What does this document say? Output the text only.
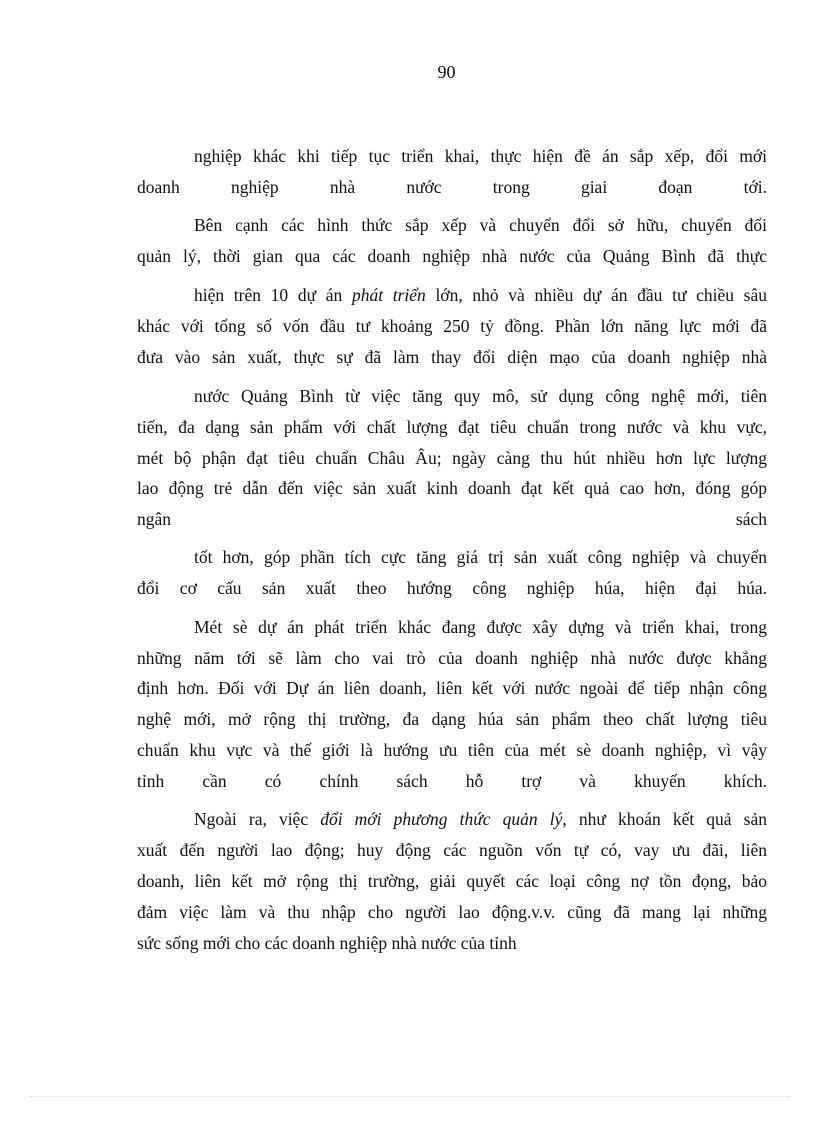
90
nghiệp khác khi tiếp tục triển khai, thực hiện đề án sắp xếp, đổi mới
doanh nghiệp nhà nước trong giai đoạn tới.
Bên cạnh các hình thức sắp xếp và chuyển đổi sở hữu, chuyển đổi
quản lý, thời gian qua các doanh nghiệp nhà nước của Quảng Bình đã thực
hiện trên 10 dự án phát triển lớn, nhỏ và nhiều dự án đầu tư chiều sâu
khác với tổng số vốn đầu tư khoảng 250 tỷ đồng. Phần lớn năng lực mới đã
đưa vào sản xuất, thực sự đã làm thay đổi diện mạo của doanh nghiệp nhà
nước Quảng Bình từ việc tăng quy mô, sử dụng công nghệ mới, tiên
tiến, đa dạng sản phẩm với chất lượng đạt tiêu chuẩn trong nước và khu vực,
mét bộ phận đạt tiêu chuẩn Châu Âu; ngày càng thu hút nhiều hơn lực lượng
lao động trẻ dẫn đến việc sản xuất kinh doanh đạt kết quả cao hơn, đóng góp
ngân sách
tốt hơn, góp phần tích cực tăng giá trị sản xuất công nghiệp và chuyển
đổi cơ cấu sản xuất theo hướng công nghiệp húa, hiện đại húa.
Mét sè dự án phát triển khác đang được xây dựng và triển khai, trong
những năm tới sẽ làm cho vai trò của doanh nghiệp nhà nước được khẳng
định hơn. Đối với Dự án liên doanh, liên kết với nước ngoài để tiếp nhận công
nghệ mới, mở rộng thị trường, đa dạng húa sản phẩm theo chất lượng tiêu
chuẩn khu vực và thế giới là hướng ưu tiên của mét sè doanh nghiệp, vì vậy
tỉnh cần có chính sách hỗ trợ và khuyến khích.
Ngoài ra, việc đổi mới phương thức quản lý, như khoán kết quả sản
xuất đến người lao động; huy động các nguồn vốn tự có, vay ưu đãi, liên
doanh, liên kết mở rộng thị trường, giải quyết các loại công nợ tồn đọng, bảo
đảm việc làm và thu nhập cho người lao động.v.v. cũng đã mang lại những
sức sống mới cho các doanh nghiệp nhà nước của tỉnh
